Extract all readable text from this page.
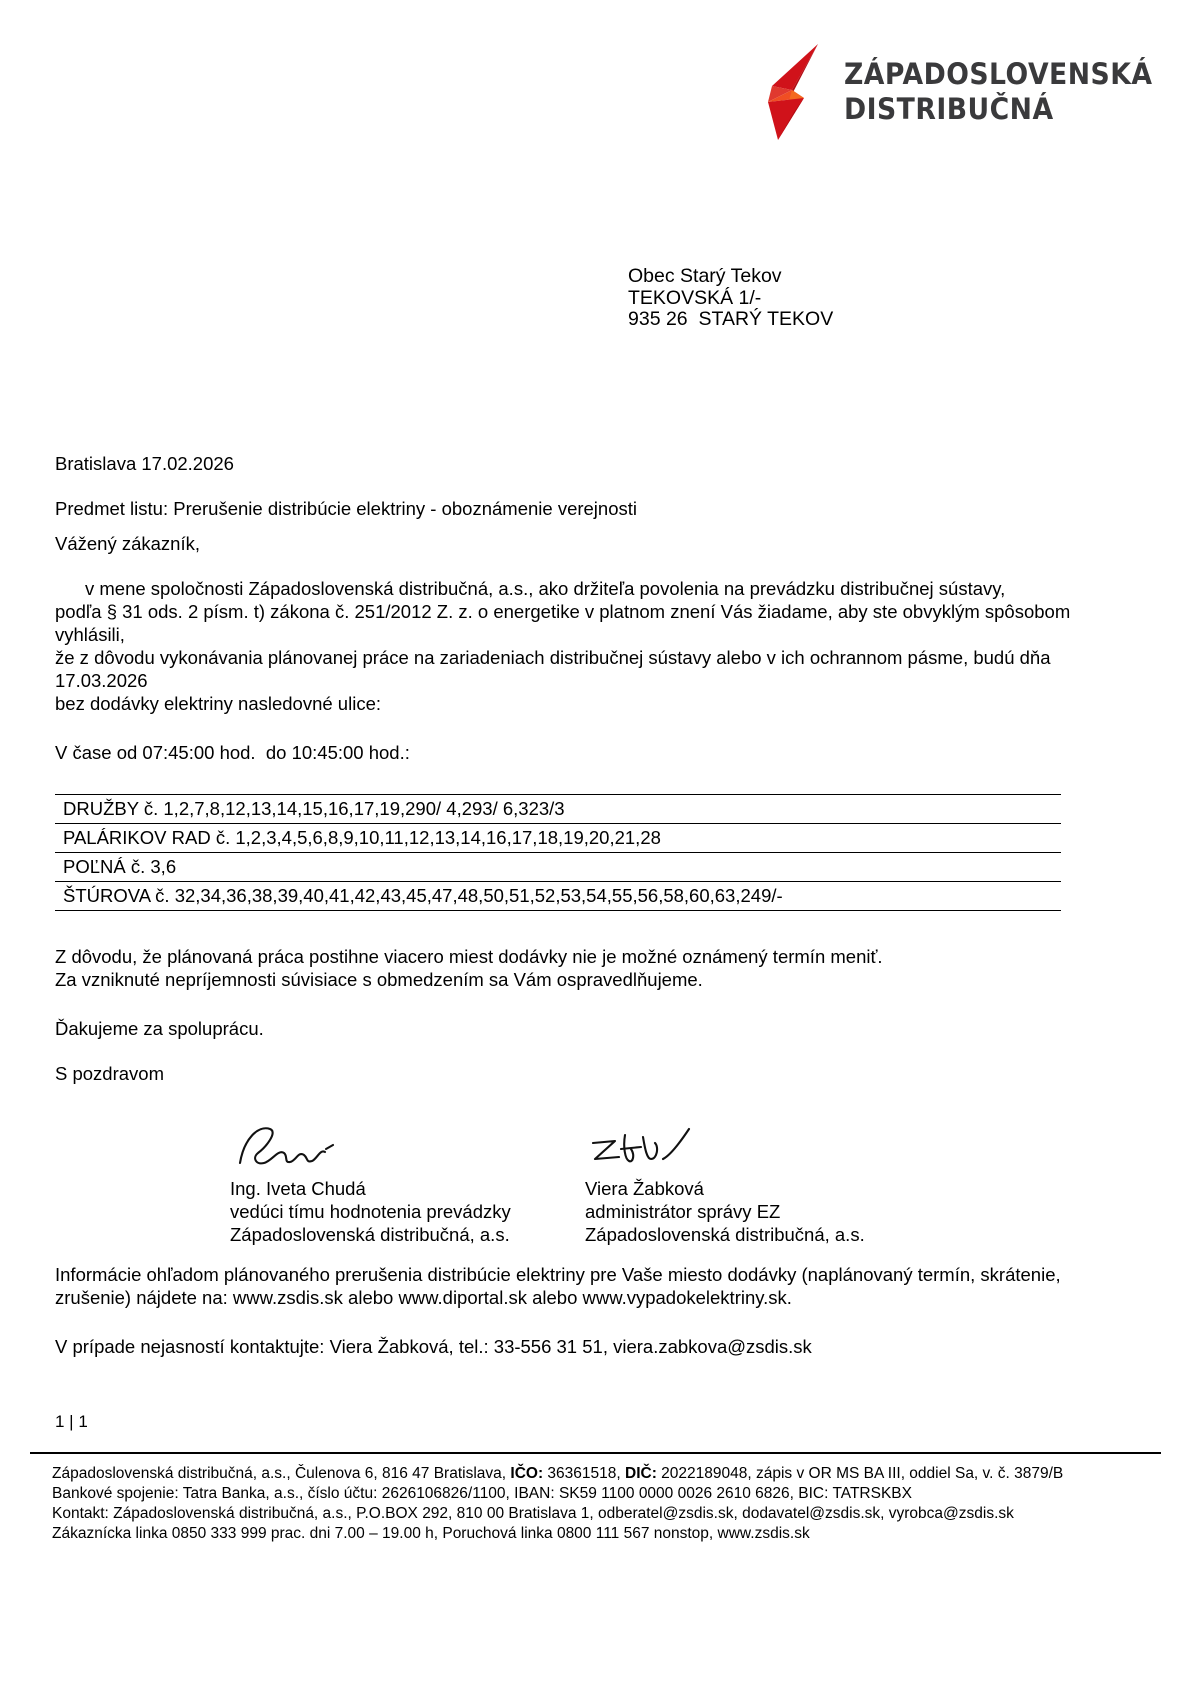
ZÁPADOSLOVENSKÁ
DISTRIBUČNÁ
Obec Starý Tekov
TEKOVSKÁ 1/-
935 26  STARÝ TEKOV
Bratislava 17.02.2026
Predmet listu: Prerušenie distribúcie elektriny - oboznámenie verejnosti
Vážený zákazník,
v mene spoločnosti Západoslovenská distribučná, a.s., ako držiteľa povolenia na prevádzku distribučnej sústavy,
podľa § 31 ods. 2 písm. t) zákona č. 251/2012 Z. z. o energetike v platnom znení Vás žiadame, aby ste obvyklým spôsobom vyhlásili,
že z dôvodu vykonávania plánovanej práce na zariadeniach distribučnej sústavy alebo v ich ochrannom pásme, budú dňa 17.03.2026
bez dodávky elektriny nasledovné ulice:
V čase od 07:45:00 hod.  do 10:45:00 hod.:
DRUŽBY č. 1,2,7,8,12,13,14,15,16,17,19,290/ 4,293/ 6,323/3
PALÁRIKOV RAD č. 1,2,3,4,5,6,8,9,10,11,12,13,14,16,17,18,19,20,21,28
POĽNÁ č. 3,6
ŠTÚROVA č. 32,34,36,38,39,40,41,42,43,45,47,48,50,51,52,53,54,55,56,58,60,63,249/-
Z dôvodu, že plánovaná práca postihne viacero miest dodávky nie je možné oznámený termín meniť.
Za vzniknuté nepríjemnosti súvisiace s obmedzením sa Vám ospravedlňujeme.
Ďakujeme za spoluprácu.
S pozdravom
Ing. Iveta Chudá
vedúci tímu hodnotenia prevádzky
Západoslovenská distribučná, a.s.
Viera Žabková
administrátor správy EZ
Západoslovenská distribučná, a.s.
Informácie ohľadom plánovaného prerušenia distribúcie elektriny pre Vaše miesto dodávky (naplánovaný termín, skrátenie,
zrušenie) nájdete na: www.zsdis.sk alebo www.diportal.sk alebo www.vypadokelektriny.sk.
V prípade nejasností kontaktujte: Viera Žabková, tel.: 33-556 31 51, viera.zabkova@zsdis.sk
1 | 1
Západoslovenská distribučná, a.s., Čulenova 6, 816 47 Bratislava, IČO: 36361518, DIČ: 2022189048, zápis v OR MS BA III, oddiel Sa, v. č. 3879/B
Bankové spojenie: Tatra Banka, a.s., číslo účtu: 2626106826/1100, IBAN: SK59 1100 0000 0026 2610 6826, BIC: TATRSKBX
Kontakt: Západoslovenská distribučná, a.s., P.O.BOX 292, 810 00 Bratislava 1, odberatel@zsdis.sk, dodavatel@zsdis.sk, vyrobca@zsdis.sk
Zákaznícka linka 0850 333 999 prac. dni 7.00 – 19.00 h, Poruchová linka 0800 111 567 nonstop, www.zsdis.sk
